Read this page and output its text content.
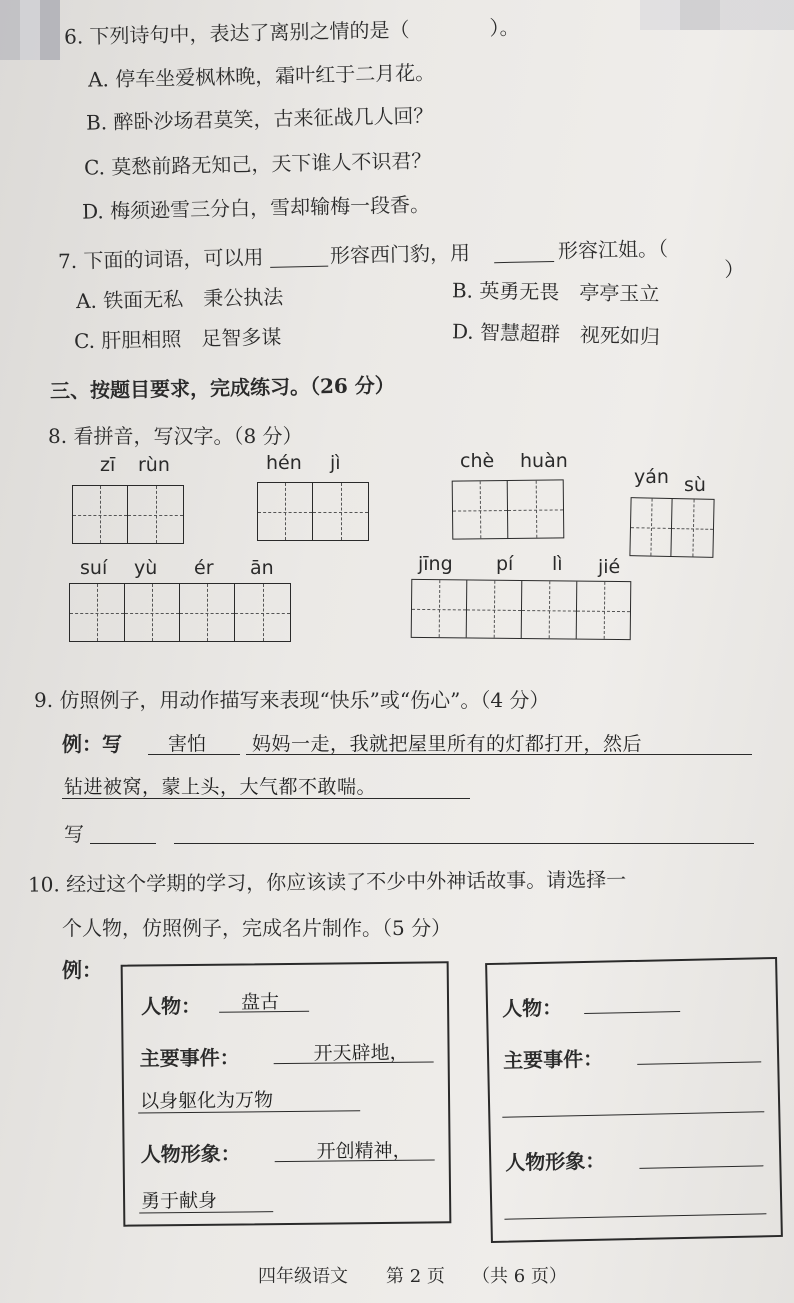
6. 下列诗句中，表达了离别之情的是（　　　　）。
A. 停车坐爱枫林晚，霜叶红于二月花。
B. 醉卧沙场君莫笑，古来征战几人回？
C. 莫愁前路无知己，天下谁人不识君？
D. 梅须逊雪三分白，雪却输梅一段香。
7. 下面的词语，可以用	形容西门豹，用	形容江姐。（
）
A. 铁面无私　秉公执法	B. 英勇无畏　亭亭玉立
C. 肝胆相照　足智多谋	D. 智慧超群　视死如归
三、按题目要求，完成练习。（26 分）
8. 看拼音，写汉字。（8 分）
zī rùn	hén jì	chè huàn
yán sù
suí yù ér ān	jīng pí lì jié
9. 仿照例子，用动作描写来表现“快乐”或“伤心”。（4 分）
例：写 害怕 妈妈一走，我就把屋里所有的灯都打开，然后
钻进被窝，蒙上头，大气都不敢喘。
写
10. 经过这个学期的学习，你应该读了不少中外神话故事。请选择一
个人物，仿照例子，完成名片制作。（5 分）
例：
人物： 盘古
主要事件：	开天辟地，
以身躯化为万物
人物形象：	开创精神，
勇于献身
人物：
主要事件：
人物形象：
四年级语文 第 2 页 （共 6 页）
